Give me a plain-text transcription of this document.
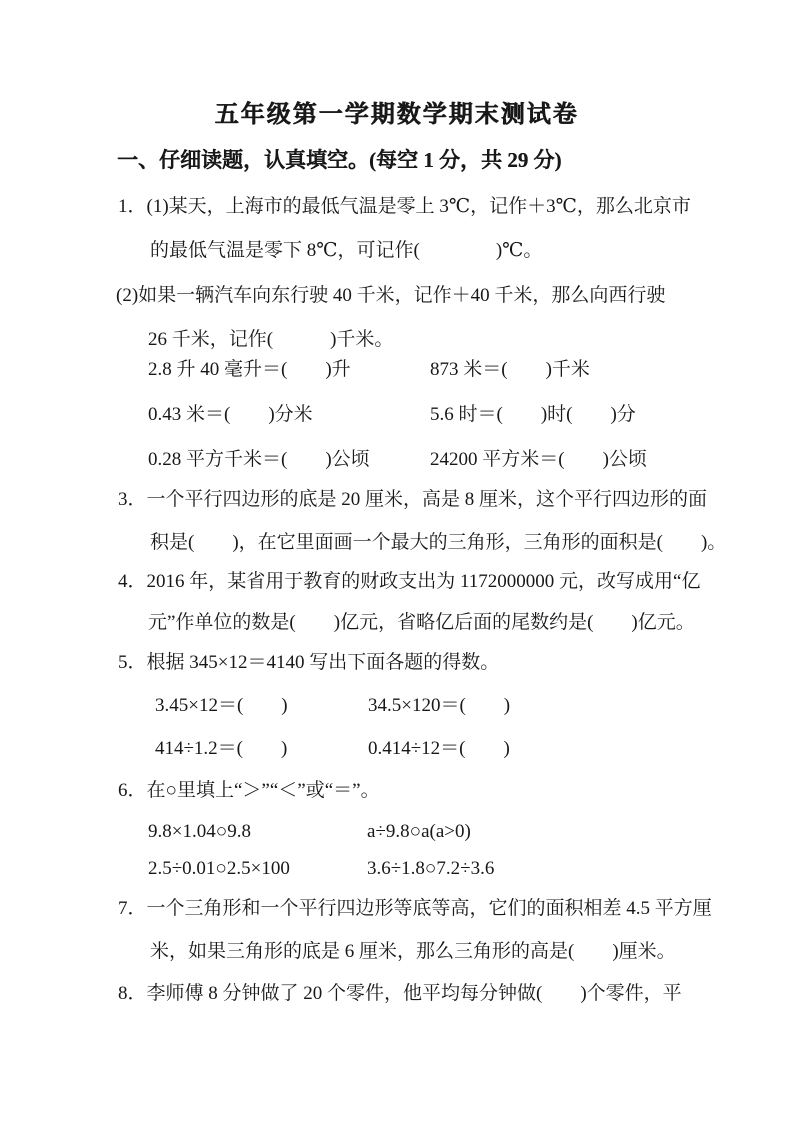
五年级第一学期数学期末测试卷
一、仔细读题，认真填空。(每空 1 分，共 29 分)
1．(1)某天，上海市的最低气温是零上 3℃，记作＋3℃，那么北京市
的最低气温是零下 8℃，可记作(　　　　)℃。
(2)如果一辆汽车向东行驶 40 千米，记作＋40 千米，那么向西行驶
26 千米，记作(　　　)千米。
2.8 升 40 毫升＝(　　)升	873 米＝(　　)千米
0.43 米＝(　　)分米	5.6 时＝(　　)时(　　)分
0.28 平方千米＝(　　)公顷	24200 平方米＝(　　)公顷
3．一个平行四边形的底是 20 厘米，高是 8 厘米，这个平行四边形的面
积是(　　)，在它里面画一个最大的三角形，三角形的面积是(　　)。
4．2016 年，某省用于教育的财政支出为 1172000000 元，改写成用“亿
元”作单位的数是(　　)亿元，省略亿后面的尾数约是(　　)亿元。
5．根据 345×12＝4140 写出下面各题的得数。
3.45×12＝(　　)	34.5×120＝(　　)
414÷1.2＝(　　)	0.414÷12＝(　　)
6．在○里填上“＞”“＜”或“＝”。
9.8×1.04○9.8	a÷9.8○a(a>0)
2.5÷0.01○2.5×100	3.6÷1.8○7.2÷3.6
7．一个三角形和一个平行四边形等底等高，它们的面积相差 4.5 平方厘
米，如果三角形的底是 6 厘米，那么三角形的高是(　　)厘米。
8．李师傅 8 分钟做了 20 个零件，他平均每分钟做(　　)个零件，平
